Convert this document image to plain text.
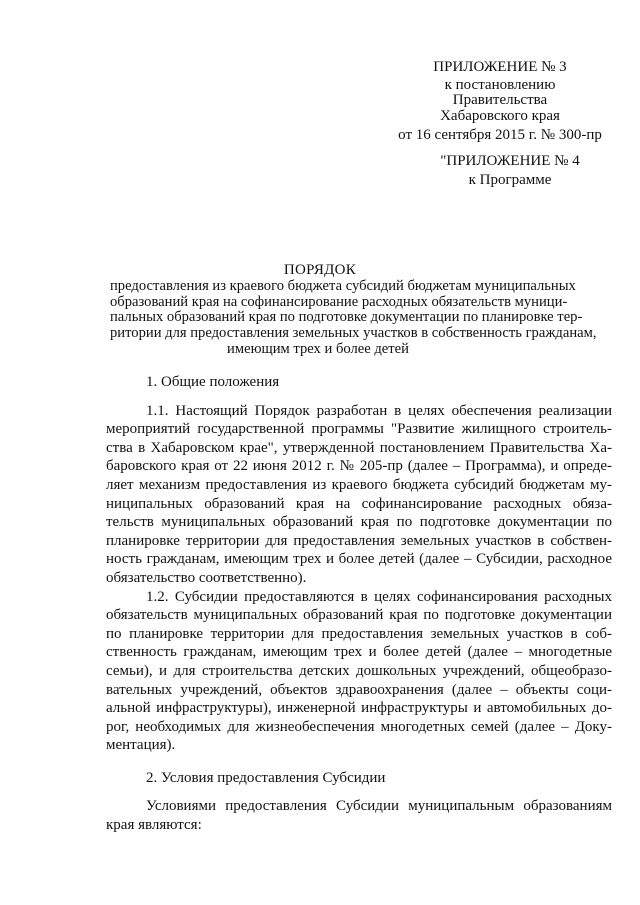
ПРИЛОЖЕНИЕ № 3
к постановлению
Правительства
Хабаровского края
от 16 сентября 2015 г. № 300-пр
"ПРИЛОЖЕНИЕ № 4
к Программе
ПОРЯДОК
предоставления из краевого бюджета субсидий бюджетам муниципальных
образований края на софинансирование расходных обязательств муници-
пальных образований края по подготовке документации по планировке тер-
ритории для предоставления земельных участков в собственность гражданам,
имеющим трех и более детей
1. Общие положения
1.1. Настоящий Порядок разработан в целях обеспечения реализации
мероприятий государственной программы "Развитие жилищного строитель-
ства в Хабаровском крае", утвержденной постановлением Правительства Ха-
баровского края от 22 июня 2012 г. № 205-пр (далее – Программа), и опреде-
ляет механизм предоставления из краевого бюджета субсидий бюджетам му-
ниципальных образований края на софинансирование расходных обяза-
тельств муниципальных образований края по подготовке документации по
планировке территории для предоставления земельных участков в собствен-
ность гражданам, имеющим трех и более детей (далее – Субсидии, расходное
обязательство соответственно).
1.2. Субсидии предоставляются в целях софинансирования расходных
обязательств муниципальных образований края по подготовке документации
по планировке территории для предоставления земельных участков в соб-
ственность гражданам, имеющим трех и более детей (далее – многодетные
семьи), и для строительства детских дошкольных учреждений, общеобразо-
вательных учреждений, объектов здравоохранения (далее – объекты соци-
альной инфраструктуры), инженерной инфраструктуры и автомобильных до-
рог, необходимых для жизнеобеспечения многодетных семей (далее – Доку-
ментация).
2. Условия предоставления Субсидии
Условиями предоставления Субсидии муниципальным образованиям
края являются:
